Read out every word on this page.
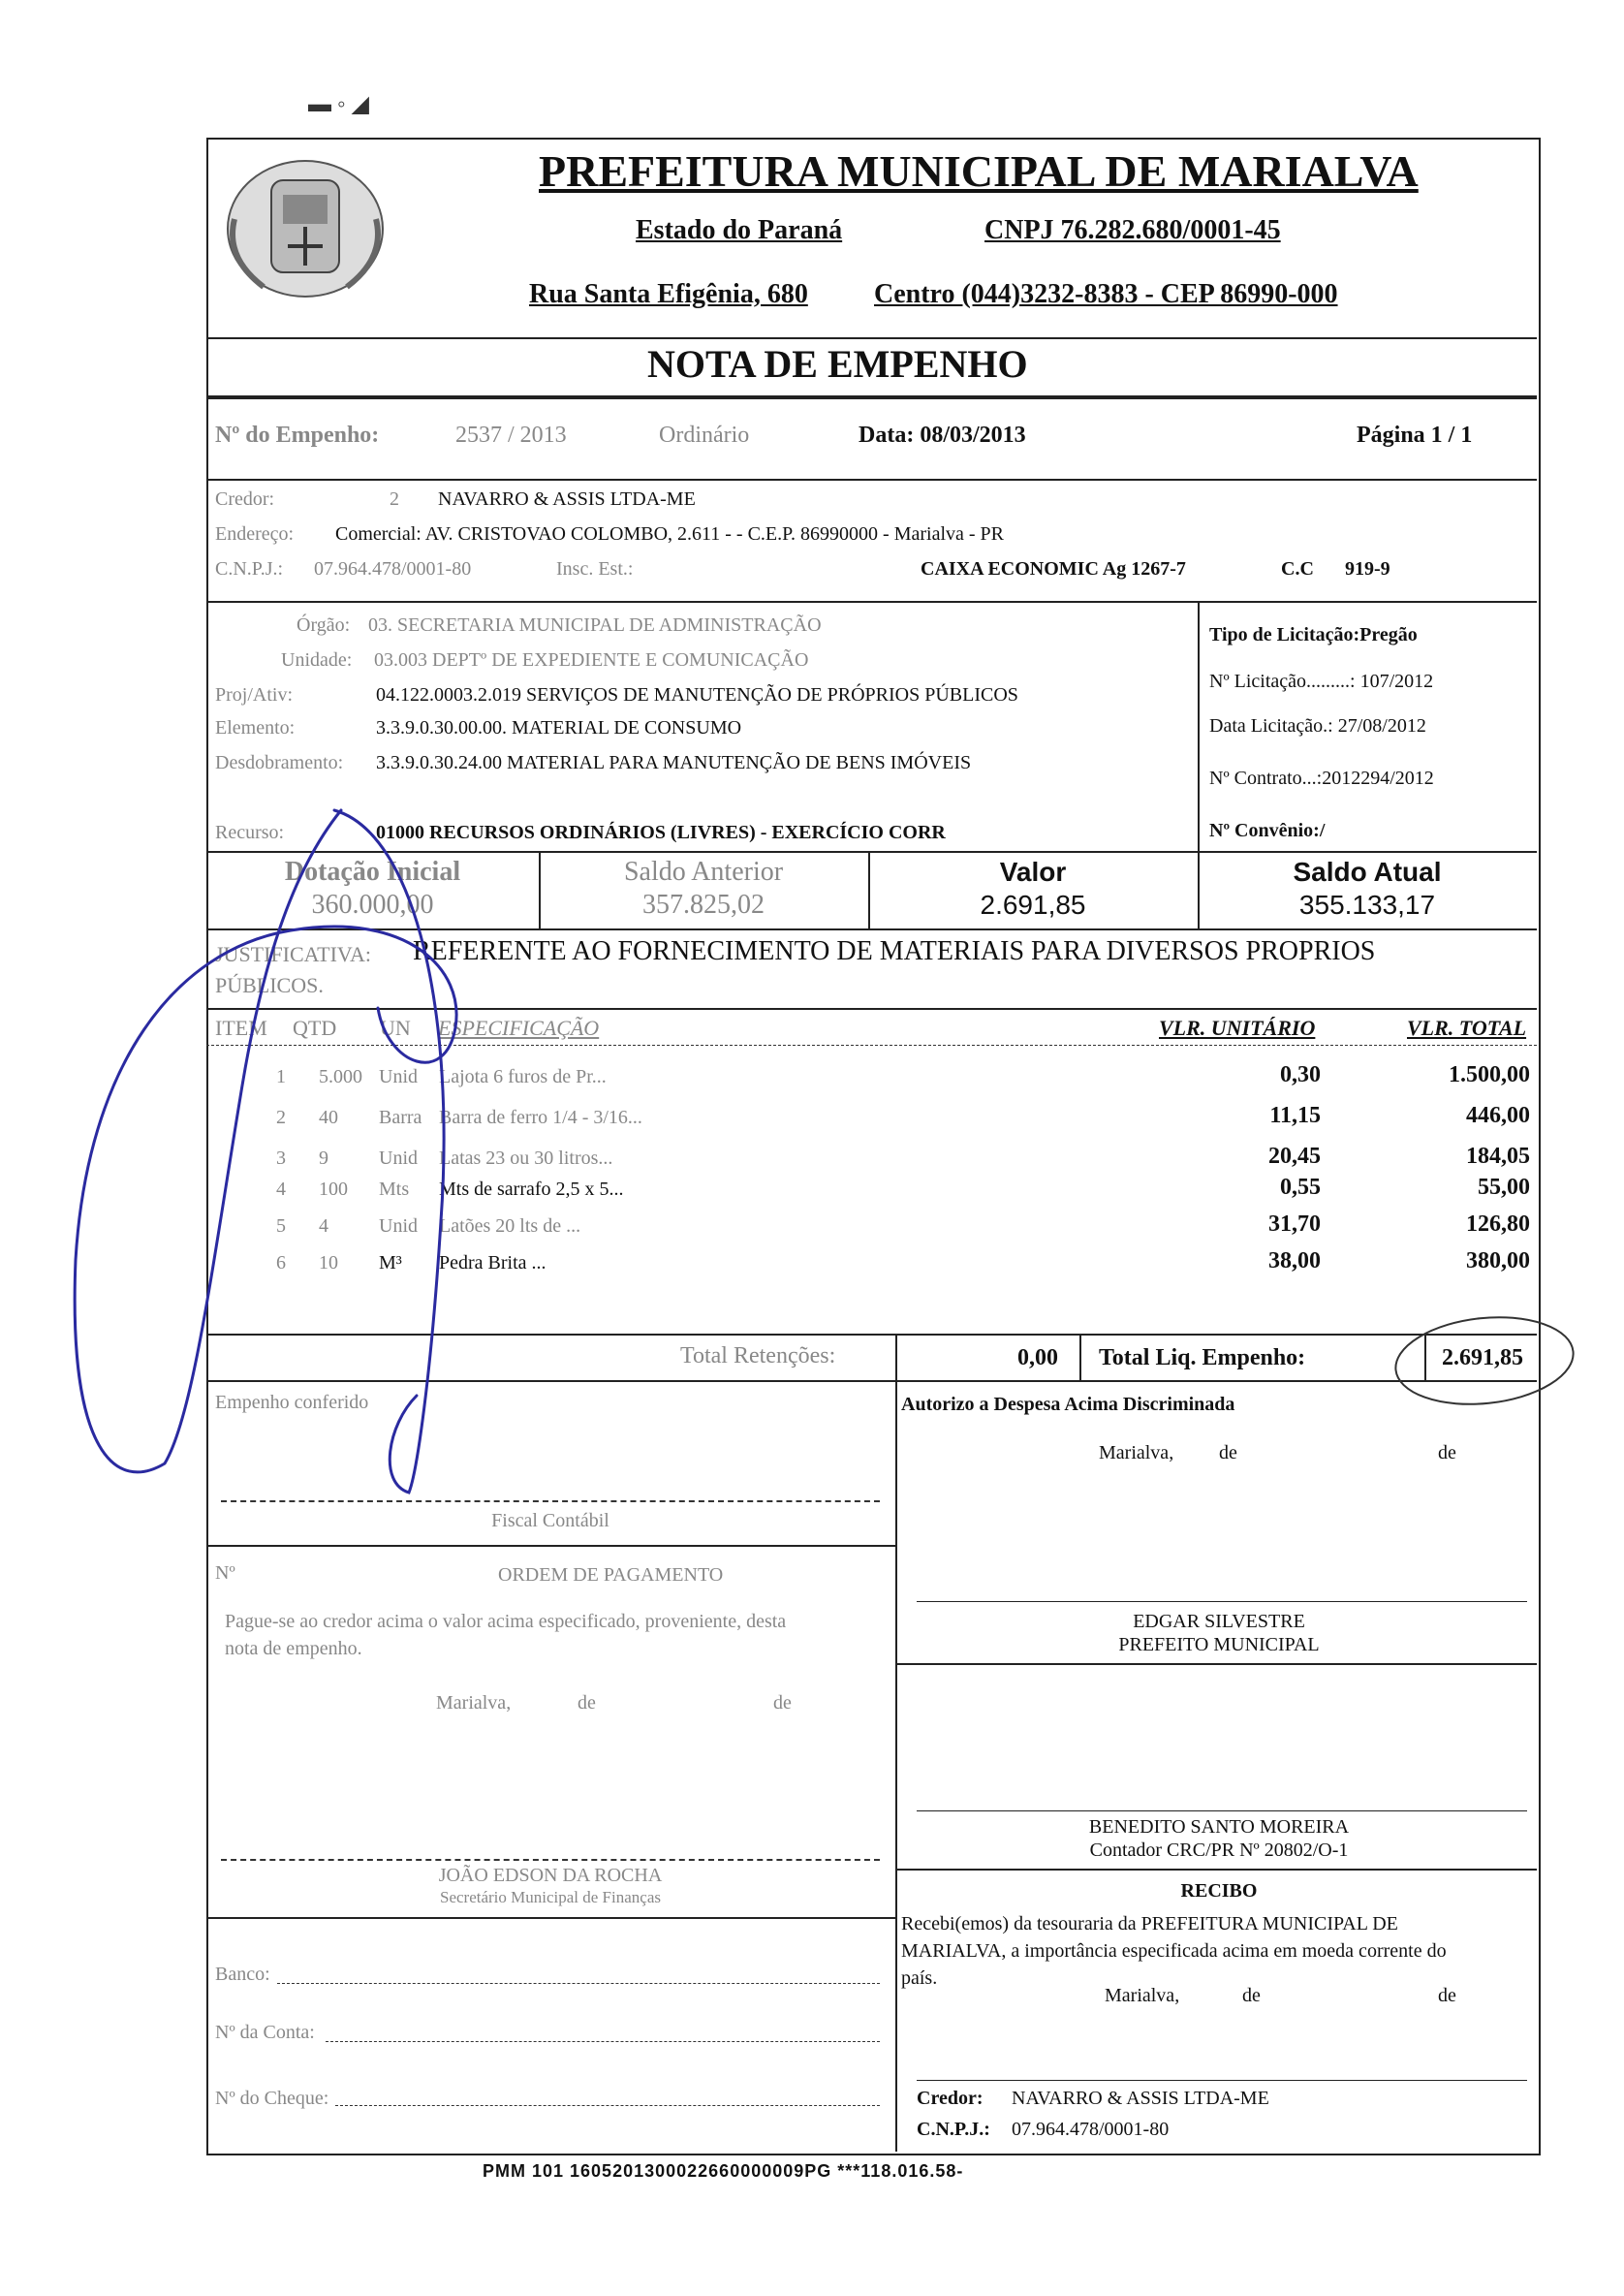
▬ ◦ ◢
PREFEITURA MUNICIPAL DE MARIALVA
Estado do Paraná	CNPJ 76.282.680/0001-45
Rua Santa Efigênia, 680 Centro (044)3232-8383 - CEP 86990-000
NOTA DE EMPENHO
Nº do Empenho:	2537 / 2013	Ordinário	Data: 08/03/2013	Página 1 / 1
Credor:	2 NAVARRO & ASSIS LTDA-ME
Endereço: Comercial: AV. CRISTOVAO COLOMBO, 2.611 - - C.E.P. 86990000 - Marialva - PR
C.N.P.J.: 07.964.478/0001-80	Insc. Est.:	CAIXA ECONOMIC Ag 1267-7	C.C 919-9
Órgão: 03. SECRETARIA MUNICIPAL DE ADMINISTRAÇÃO
Unidade: 03.003 DEPTº DE EXPEDIENTE E COMUNICAÇÃO
Proj/Ativ:	04.122.0003.2.019 SERVIÇOS DE MANUTENÇÃO DE PRÓPRIOS PÚBLICOS
Elemento:	3.3.9.0.30.00.00. MATERIAL DE CONSUMO
Desdobramento: 3.3.9.0.30.24.00 MATERIAL PARA MANUTENÇÃO DE BENS IMÓVEIS
Recurso:	01000 RECURSOS ORDINÁRIOS (LIVRES) - EXERCÍCIO CORR
Tipo de Licitação:Pregão
Nº Licitação.........: 107/2012
Data Licitação.: 27/08/2012
Nº Contrato...:2012294/2012
Nº Convênio:/
Dotação Inicial
360.000,00
Saldo Anterior
357.825,02
Valor
2.691,85
Saldo Atual
355.133,17
JUSTIFICATIVA: REFERENTE AO FORNECIMENTO DE MATERIAIS PARA DIVERSOS PROPRIOS
PÚBLICOS.
ITEM QTD UN ESPECIFICAÇÃO	VLR. UNITÁRIO	VLR. TOTAL
1 5.000 Unid Lajota 6 furos de Pr...	0,30	1.500,00
2 40 Barra Barra de ferro 1/4 - 3/16...	11,15	446,00
3 9	Unid Latas 23 ou 30 litros...	20,45	184,05
4 100 Mts Mts de sarrafo 2,5 x 5...	0,55	55,00
5 4	Unid Latões 20 lts de ...	31,70	126,80
6 10 M³ Pedra Brita ...	38,00	380,00
Total Retenções:	0,00 Total Liq. Empenho:	2.691,85
Empenho conferido
Fiscal Contábil
Nº	ORDEM DE PAGAMENTO
Pague-se ao credor acima o valor acima especificado, proveniente, desta
nota de empenho.
Marialva,	de	de
JOÃO EDSON DA ROCHA
Secretário Municipal de Finanças
Banco:
Nº da Conta:
Nº do Cheque:
Autorizo a Despesa Acima Discriminada
Marialva, de	de
EDGAR SILVESTRE
PREFEITO MUNICIPAL
BENEDITO SANTO MOREIRA
Contador CRC/PR Nº 20802/O-1
RECIBO
Recebi(emos) da tesouraria da PREFEITURA MUNICIPAL DE
MARIALVA, a importância especificada acima em moeda corrente do
país.
Marialva,	de	de
Credor: NAVARRO & ASSIS LTDA-ME
C.N.P.J.: 07.964.478/0001-80
PMM 101 1605201300022660000009PG ***118.016.58-
